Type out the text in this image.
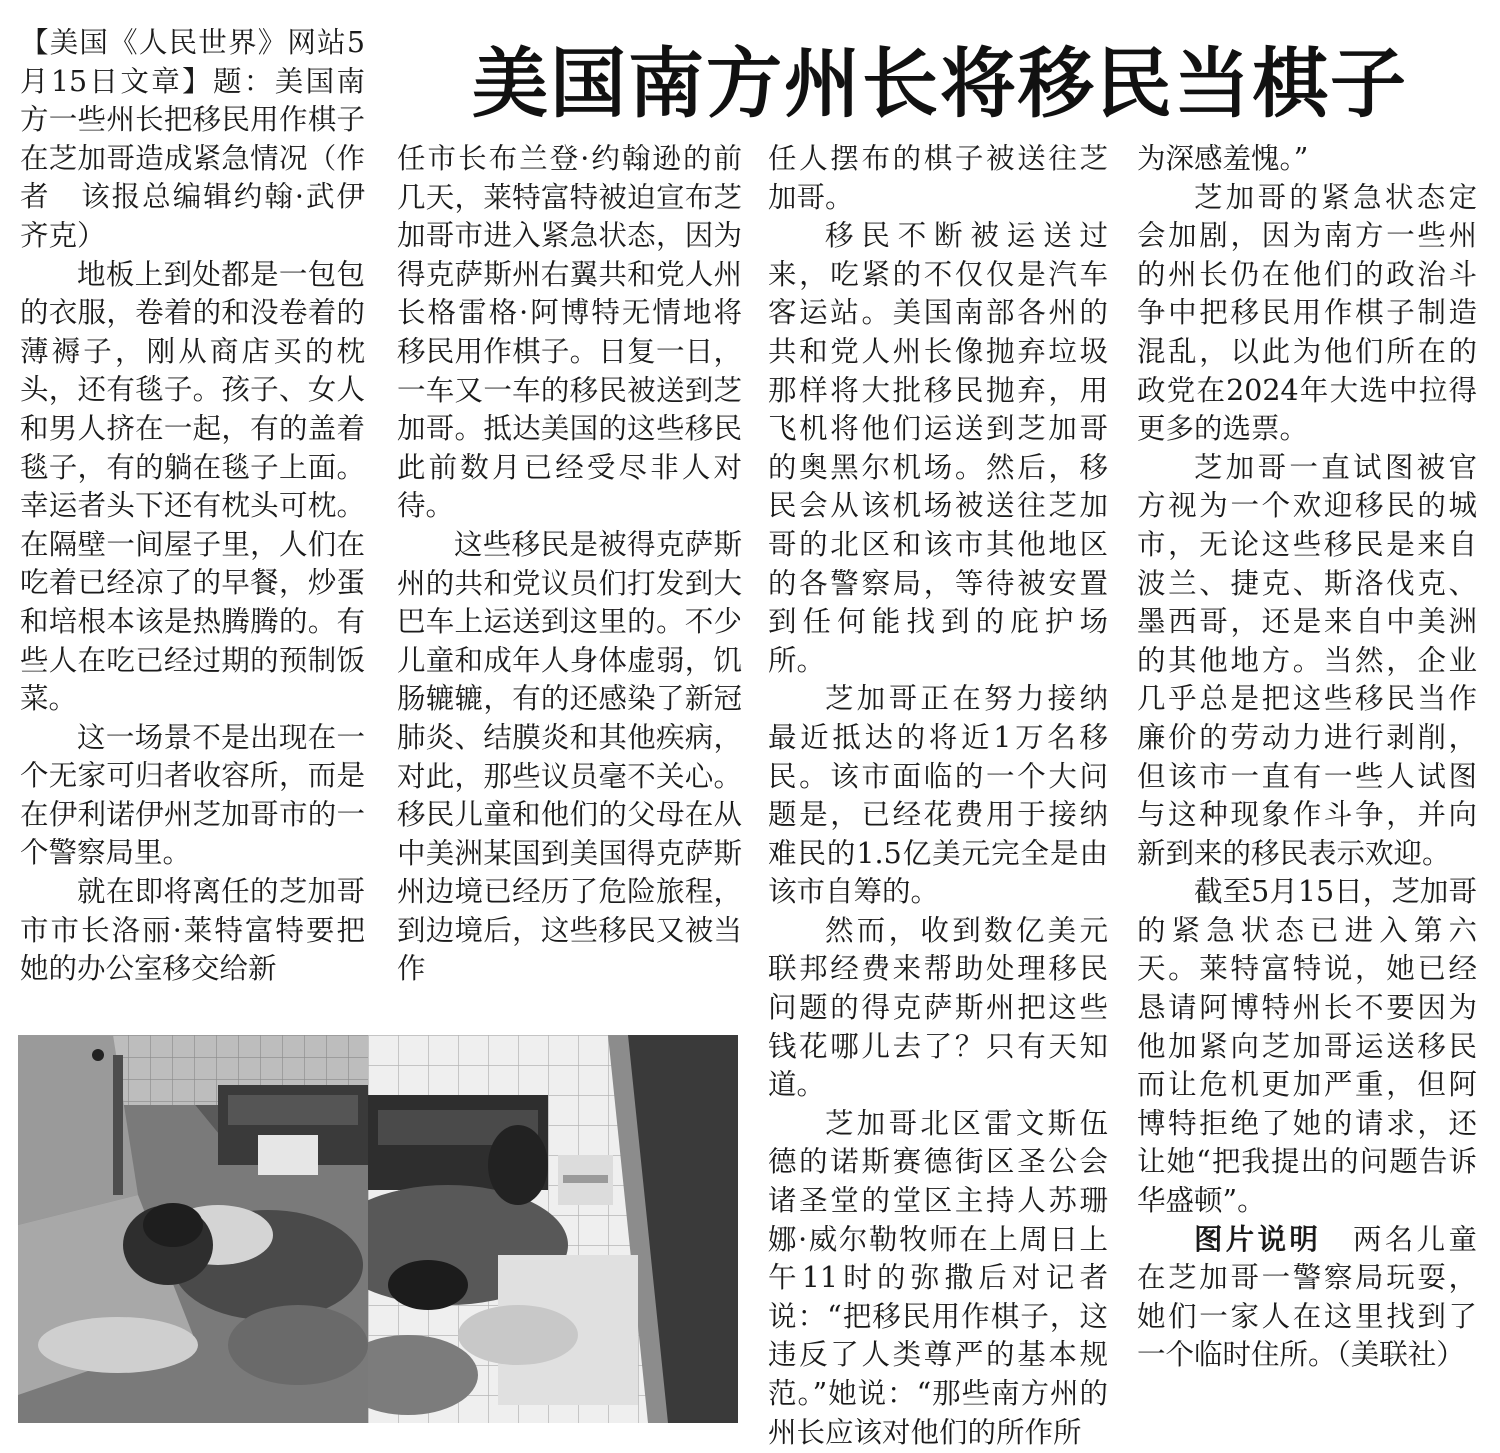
美国南方州长将移民当棋子

【美国《人民世界》网站5月15日文章】题：美国南方一些州长把移民用作棋子在芝加哥造成紧急情况（作者　该报总编辑约翰·武伊齐克）

地板上到处都是一包包的衣服，卷着的和没卷着的薄褥子，刚从商店买的枕头，还有毯子。孩子、女人和男人挤在一起，有的盖着毯子，有的躺在毯子上面。幸运者头下还有枕头可枕。在隔壁一间屋子里，人们在吃着已经凉了的早餐，炒蛋和培根本该是热腾腾的。有些人在吃已经过期的预制饭菜。

这一场景不是出现在一个无家可归者收容所，而是在伊利诺伊州芝加哥市的一个警察局里。

就在即将离任的芝加哥市市长洛丽·莱特富特要把她的办公室移交给新

任市长布兰登·约翰逊的前几天，莱特富特被迫宣布芝加哥市进入紧急状态，因为得克萨斯州右翼共和党人州长格雷格·阿博特无情地将移民用作棋子。日复一日，一车又一车的移民被送到芝加哥。抵达美国的这些移民此前数月已经受尽非人对待。

这些移民是被得克萨斯州的共和党议员们打发到大巴车上运送到这里的。不少儿童和成年人身体虚弱，饥肠辘辘，有的还感染了新冠肺炎、结膜炎和其他疾病，对此，那些议员毫不关心。移民儿童和他们的父母在从中美洲某国到美国得克萨斯州边境已经历了危险旅程，到边境后，这些移民又被当作

任人摆布的棋子被送往芝加哥。

移民不断被运送过来，吃紧的不仅仅是汽车客运站。美国南部各州的共和党人州长像抛弃垃圾那样将大批移民抛弃，用飞机将他们运送到芝加哥的奥黑尔机场。然后，移民会从该机场被送往芝加哥的北区和该市其他地区的各警察局，等待被安置到任何能找到的庇护场所。

芝加哥正在努力接纳最近抵达的将近1万名移民。该市面临的一个大问题是，已经花费用于接纳难民的1.5亿美元完全是由该市自筹的。

然而，收到数亿美元联邦经费来帮助处理移民问题的得克萨斯州把这些钱花哪儿去了？只有天知道。

芝加哥北区雷文斯伍德的诺斯赛德街区圣公会诸圣堂的堂区主持人苏珊娜·威尔勒牧师在上周日上午11时的弥撒后对记者说：“把移民用作棋子，这违反了人类尊严的基本规范。”她说：“那些南方州的州长应该对他们的所作所

为深感羞愧。”

芝加哥的紧急状态定会加剧，因为南方一些州的州长仍在他们的政治斗争中把移民用作棋子制造混乱，以此为他们所在的政党在2024年大选中拉得更多的选票。

芝加哥一直试图被官方视为一个欢迎移民的城市，无论这些移民是来自波兰、捷克、斯洛伐克、墨西哥，还是来自中美洲的其他地方。当然，企业几乎总是把这些移民当作廉价的劳动力进行剥削，但该市一直有一些人试图与这种现象作斗争，并向新到来的移民表示欢迎。

截至5月15日，芝加哥的紧急状态已进入第六天。莱特富特说，她已经恳请阿博特州长不要因为他加紧向芝加哥运送移民而让危机更加严重，但阿博特拒绝了她的请求，还让她“把我提出的问题告诉华盛顿”。

图片说明　 两名儿童在芝加哥一警察局玩耍，她们一家人在这里找到了一个临时住所。（美联社）
